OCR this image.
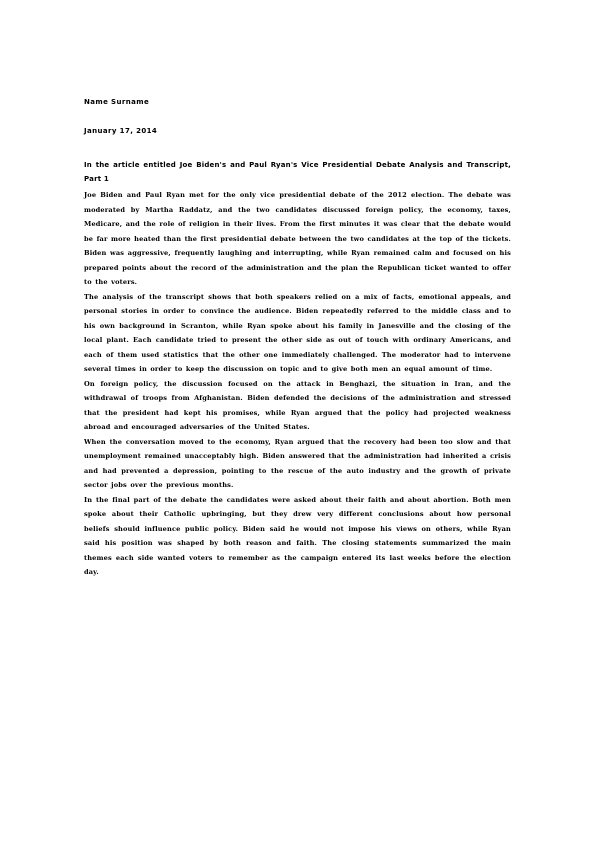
Name Surname
January 17, 2014

In the article entitled Joe Biden's and Paul Ryan's Vice Presidential Debate Analysis and Transcript, Part 1

Joe Biden and Paul Ryan met for the only vice presidential debate of the 2012 election. The debate was moderated by Martha Raddatz, and the two candidates discussed foreign policy, the economy, taxes, Medicare, and the role of religion in their lives. From the first minutes it was clear that the debate would be far more heated than the first presidential debate between the two candidates at the top of the tickets. Biden was aggressive, frequently laughing and interrupting, while Ryan remained calm and focused on his prepared points about the record of the administration and the plan the Republican ticket wanted to offer to the voters.

The analysis of the transcript shows that both speakers relied on a mix of facts, emotional appeals, and personal stories in order to convince the audience. Biden repeatedly referred to the middle class and to his own background in Scranton, while Ryan spoke about his family in Janesville and the closing of the local plant. Each candidate tried to present the other side as out of touch with ordinary Americans, and each of them used statistics that the other one immediately challenged. The moderator had to intervene several times in order to keep the discussion on topic and to give both men an equal amount of time.

On foreign policy, the discussion focused on the attack in Benghazi, the situation in Iran, and the withdrawal of troops from Afghanistan. Biden defended the decisions of the administration and stressed that the president had kept his promises, while Ryan argued that the policy had projected weakness abroad and encouraged adversaries of the United States.

When the conversation moved to the economy, Ryan argued that the recovery had been too slow and that unemployment remained unacceptably high. Biden answered that the administration had inherited a crisis and had prevented a depression, pointing to the rescue of the auto industry and the growth of private sector jobs over the previous months.

In the final part of the debate the candidates were asked about their faith and about abortion. Both men spoke about their Catholic upbringing, but they drew very different conclusions about how personal beliefs should influence public policy. Biden said he would not impose his views on others, while Ryan said his position was shaped by both reason and faith. The closing statements summarized the main themes each side wanted voters to remember as the campaign entered its last weeks before the election day.
